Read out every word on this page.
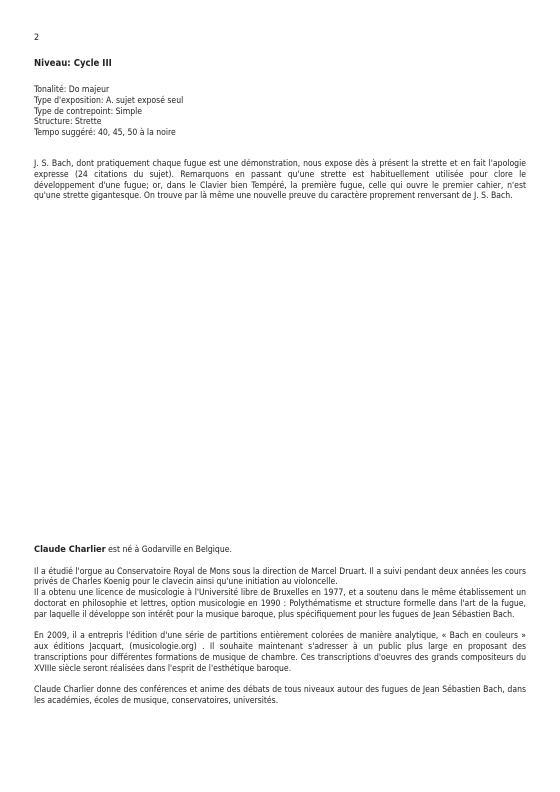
2
Niveau: Cycle III
Tonalité: Do majeur
Type d'exposition: A. sujet exposé seul
Type de contrepoint: Simple
Structure: Strette
Tempo suggéré: 40, 45, 50 à la noire

J. S. Bach, dont pratiquement chaque fugue est une démonstration, nous expose dès à présent la strette et en fait l'apologie expresse (24 citations du sujet). Remarquons en passant qu'une strette est habituellement utilisée pour clore le développement d'une fugue; or, dans le Clavier bien Tempéré, la première fugue, celle qui ouvre le premier cahier, n'est qu'une strette gigantesque. On trouve par là même une nouvelle preuve du caractère proprement renversant de J. S. Bach.

Claude Charlier est né à Godarville en Belgique.

Il a étudié l'orgue au Conservatoire Royal de Mons sous la direction de Marcel Druart. Il a suivi pendant deux années les cours privés de Charles Koenig pour le clavecin ainsi qu'une initiation au violoncelle.

Il a obtenu une licence de musicologie à l'Université libre de Bruxelles en 1977, et a soutenu dans le même établissement un doctorat en philosophie et lettres, option musicologie en 1990 : Polythématisme et structure formelle dans l'art de la fugue, par laquelle il développe son intérêt pour la musique baroque, plus spécifiquement pour les fugues de Jean Sébastien Bach.

En 2009, il a entrepris l'édition d'une série de partitions entièrement colorées de manière analytique, « Bach en couleurs » aux éditions Jacquart, (musicologie.org) . Il souhaite maintenant s'adresser à un public plus large en proposant des transcriptions pour différentes formations de musique de chambre. Ces transcriptions d'oeuvres des grands compositeurs du XVIIIe siècle seront réalisées dans l'esprit de l'esthétique baroque.

Claude Charlier donne des conférences et anime des débats de tous niveaux autour des fugues de Jean Sébastien Bach, dans les académies, écoles de musique, conservatoires, universités.
